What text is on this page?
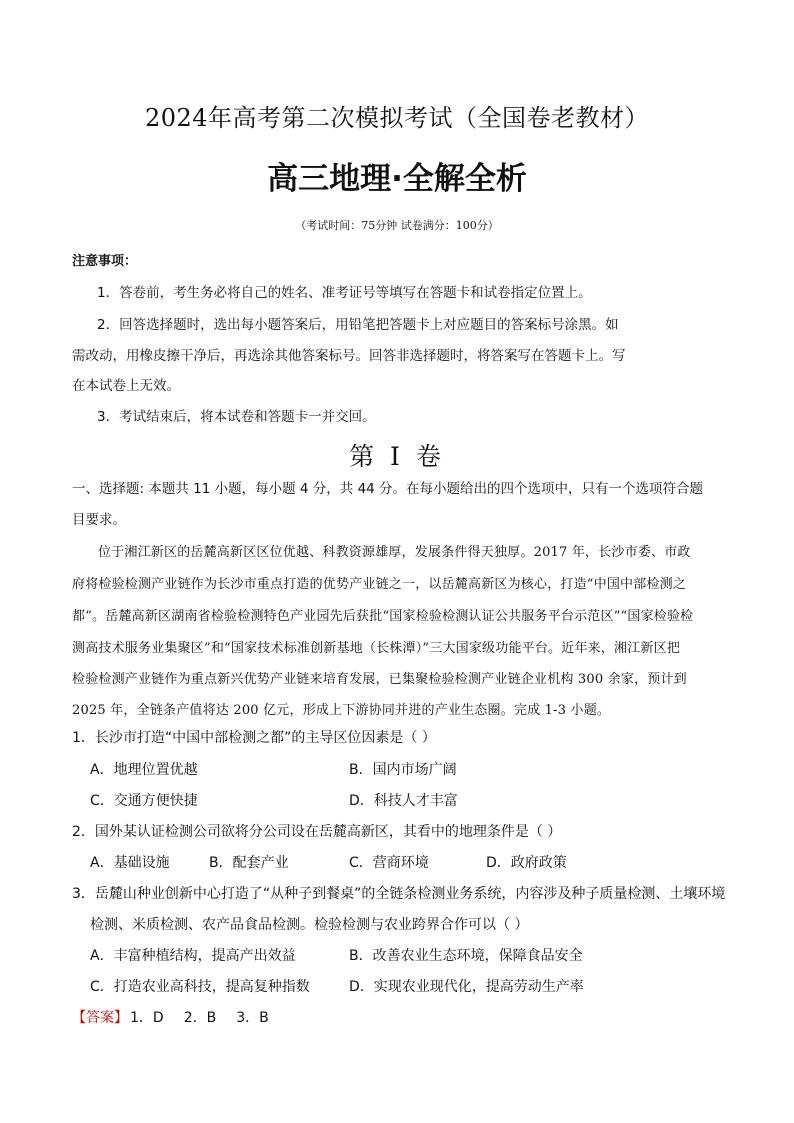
2024年高考第二次模拟考试（全国卷老教材）
高三地理·全解全析
（考试时间：75分钟 试卷满分：100分）
注意事项：
1．答卷前，考生务必将自己的姓名、准考证号等填写在答题卡和试卷指定位置上。
2．回答选择题时，选出每小题答案后，用铅笔把答题卡上对应题目的答案标号涂黑。如
需改动，用橡皮擦干净后，再选涂其他答案标号。回答非选择题时，将答案写在答题卡上。写
在本试卷上无效。
3．考试结束后，将本试卷和答题卡一并交回。
第 I 卷
一、选择题: 本题共 11 小题，每小题 4 分，共 44 分。在每小题给出的四个选项中，只有一个选项符合题
目要求。
位于湘江新区的岳麓高新区区位优越、科教资源雄厚，发展条件得天独厚。2017 年，长沙市委、市政
府将检验检测产业链作为长沙市重点打造的优势产业链之一，以岳麓高新区为核心，打造“中国中部检测之
都”。岳麓高新区湖南省检验检测特色产业园先后获批“国家检验检测认证公共服务平台示范区”“国家检验检
测高技术服务业集聚区”和“国家技术标准创新基地（长株潭）”三大国家级功能平台。近年来，湘江新区把
检验检测产业链作为重点新兴优势产业链来培育发展，已集聚检验检测产业链企业机构 300 余家，预计到
2025 年，全链条产值将达 200 亿元，形成上下游协同并进的产业生态圈。完成 1-3 小题。
1．长沙市打造“中国中部检测之都”的主导区位因素是（ ）
A．地理位置优越	B．国内市场广阔
C．交通方便快捷	D．科技人才丰富
2．国外某认证检测公司欲将分公司设在岳麓高新区，其看中的地理条件是（ ）
A．基础设施	B．配套产业	C．营商环境	D．政府政策
3．岳麓山种业创新中心打造了“从种子到餐桌”的全链条检测业务系统，内容涉及种子质量检测、土壤环境
检测、米质检测、农产品食品检测。检验检测与农业跨界合作可以（ ）
A．丰富种植结构，提高产出效益	B．改善农业生态环境，保障食品安全
C．打造农业高科技，提高复种指数	D．实现农业现代化，提高劳动生产率
【答案】 1．D 2．B 3．B
